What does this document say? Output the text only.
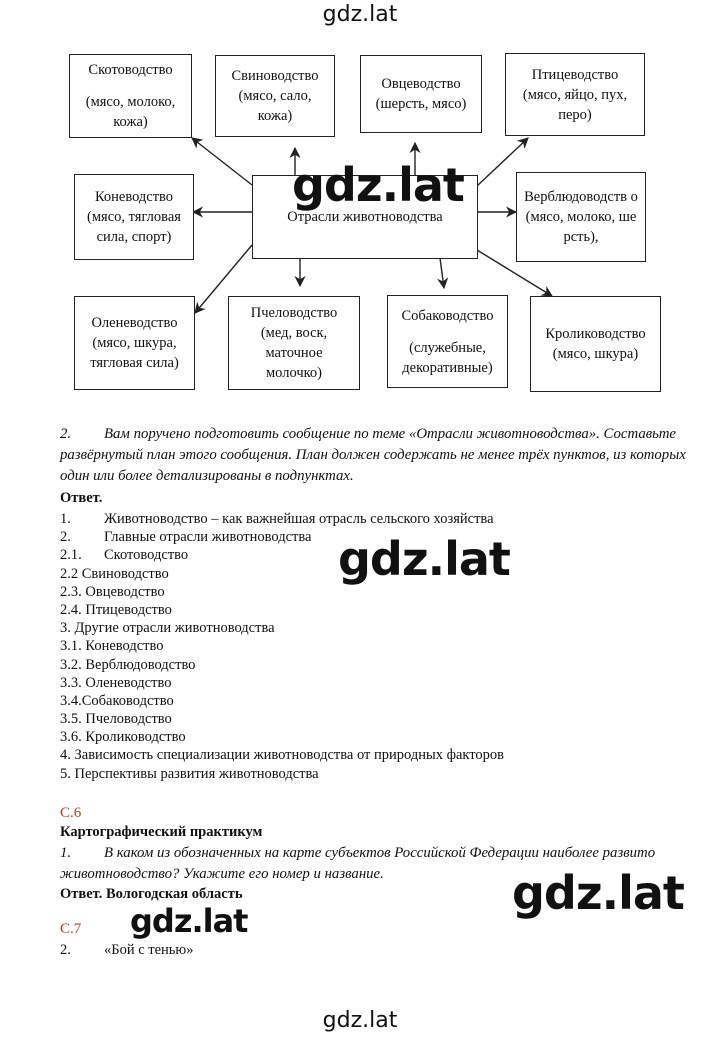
gdz.lat
Отрасли животноводства
Скотоводство
(мясо, молоко, кожа)
Свиноводство (мясо, сало, кожа)
Овцеводство (шерсть, мясо)
Птицеводство (мясо, яйцо, пух, перо)
Коневодство (мясо, тягловая сила, спорт)
Верблюдоводств о (мясо, молоко, шерсть),
Оленеводство (мясо, шкура, тягловая сила)
Пчеловодство (мед, воск, маточное молочко)
Собаководство
(служебные, декоративные)
Кролиководство (мясо, шкура)
gdz.lat
2. Вам поручено подготовить сообщение по теме «Отрасли животноводства». Составьте развёрнутый план этого сообщения. План должен содержать не менее трёх пунктов, из которых один или более детализированы в подпунктах.
Ответ.
1. Животноводство – как важнейшая отрасль сельского хозяйства
2. Главные отрасли животноводства
2.1. Скотоводство
2.2 Свиноводство
2.3. Овцеводство
2.4. Птицеводство
3. Другие отрасли животноводства
3.1. Коневодство
3.2. Верблюдоводство
3.3. Оленеводство
3.4.Собаководство
3.5. Пчеловодство
3.6. Кролиководство
4. Зависимость специализации животноводства от природных факторов
5. Перспективы развития животноводства
gdz.lat
С.6
Картографический практикум
1. В каком из обозначенных на карте субъектов Российской Федерации наиболее развито животноводство? Укажите его номер и название.
Ответ. Вологодская область	gdz.lat
С.7
2. «Бой с тенью»
gdz.lat
gdz.lat
